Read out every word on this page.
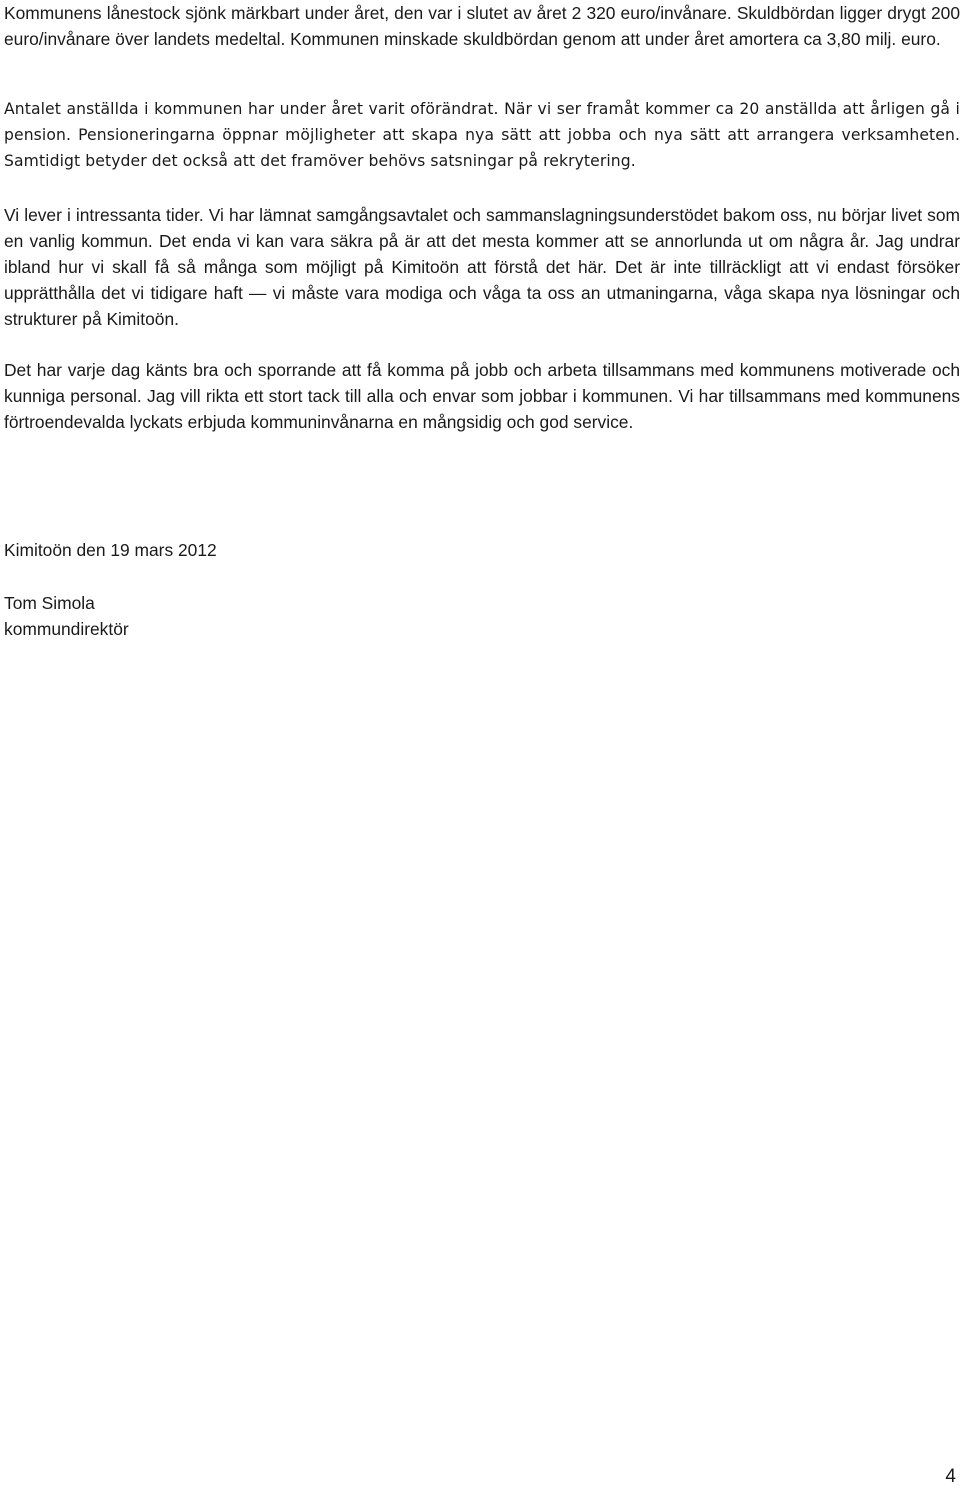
Kommunens lånestock sjönk märkbart under året, den var i slutet av året 2 320 euro/invånare. Skuldbördan ligger drygt 200 euro/invånare över landets medeltal. Kommunen minskade skuldbördan genom att under året amortera ca 3,80 milj. euro.

Antalet anställda i kommunen har under året varit oförändrat. När vi ser framåt kommer ca 20 anställda att årligen gå i pension. Pensioneringarna öppnar möjligheter att skapa nya sätt att jobba och nya sätt att arrangera verksamheten. Samtidigt betyder det också att det framöver behövs satsningar på rekrytering.

Vi lever i intressanta tider. Vi har lämnat samgångsavtalet och sammanslagningsunderstödet bakom oss, nu börjar livet som en vanlig kommun. Det enda vi kan vara säkra på är att det mesta kommer att se annorlunda ut om några år. Jag undrar ibland hur vi skall få så många som möjligt på Kimitoön att förstå det här. Det är inte tillräckligt att vi endast försöker upprätthålla det vi tidigare haft — vi måste vara modiga och våga ta oss an utmaningarna, våga skapa nya lösningar och strukturer på Kimitoön.

Det har varje dag känts bra och sporrande att få komma på jobb och arbeta tillsammans med kommunens motiverade och kunniga personal. Jag vill rikta ett stort tack till alla och envar som jobbar i kommunen. Vi har tillsammans med kommunens förtroendevalda lyckats erbjuda kommuninvånarna en mångsidig och god service.

Kimitoön den 19 mars 2012

Tom Simola

kommundirektör

4
